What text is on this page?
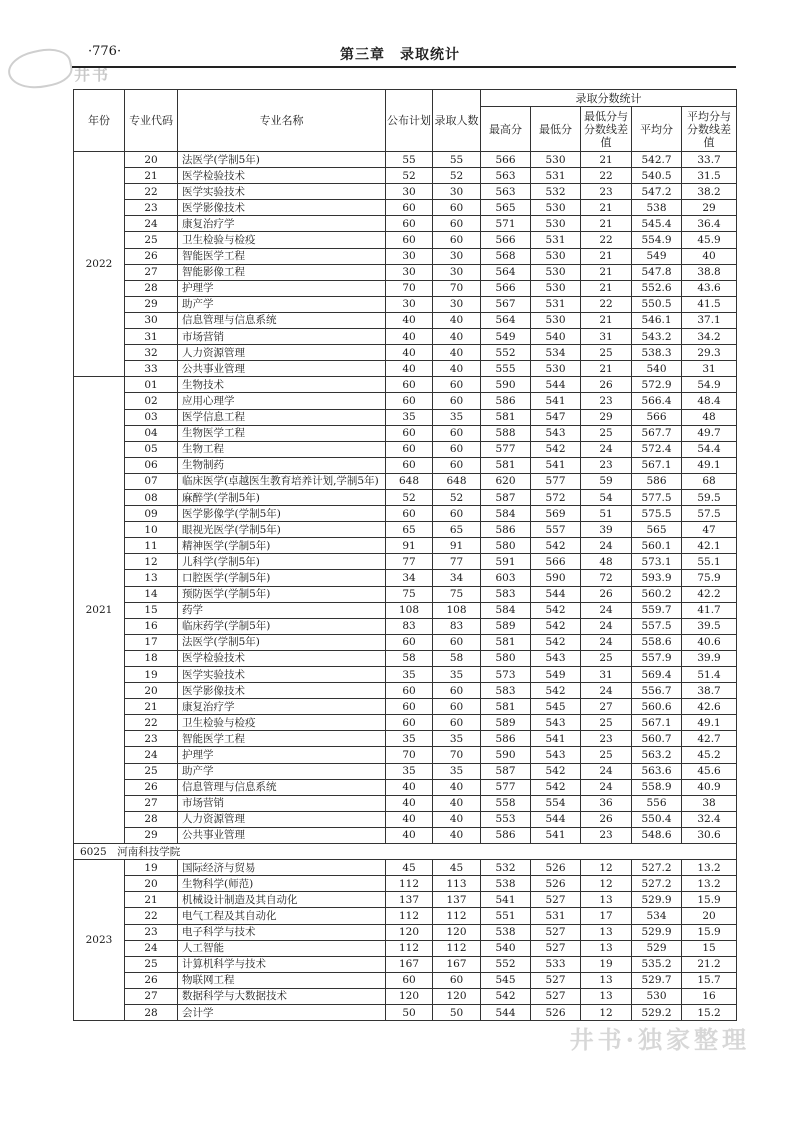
井书
·776·	第三章　录取统计
年份	专业代码	专业名称	公布计划	录取人数	录取分数统计				
					最高分	最低分	最低分与分数线差值	平均分	平均分与分数线差值
2022	20	法医学(学制5年)	55	55	566	530	21	542.7	33.7
	21	医学检验技术	52	52	563	531	22	540.5	31.5
	22	医学实验技术	30	30	563	532	23	547.2	38.2
	23	医学影像技术	60	60	565	530	21	538	29
	24	康复治疗学	60	60	571	530	21	545.4	36.4
	25	卫生检验与检疫	60	60	566	531	22	554.9	45.9
	26	智能医学工程	30	30	568	530	21	549	40
	27	智能影像工程	30	30	564	530	21	547.8	38.8
	28	护理学	70	70	566	530	21	552.6	43.6
	29	助产学	30	30	567	531	22	550.5	41.5
	30	信息管理与信息系统	40	40	564	530	21	546.1	37.1
	31	市场营销	40	40	549	540	31	543.2	34.2
	32	人力资源管理	40	40	552	534	25	538.3	29.3
	33	公共事业管理	40	40	555	530	21	540	31
2021	01	生物技术	60	60	590	544	26	572.9	54.9
	02	应用心理学	60	60	586	541	23	566.4	48.4
	03	医学信息工程	35	35	581	547	29	566	48
	04	生物医学工程	60	60	588	543	25	567.7	49.7
	05	生物工程	60	60	577	542	24	572.4	54.4
	06	生物制药	60	60	581	541	23	567.1	49.1
	07	临床医学(卓越医生教育培养计划,学制5年)	648	648	620	577	59	586	68
	08	麻醉学(学制5年)	52	52	587	572	54	577.5	59.5
	09	医学影像学(学制5年)	60	60	584	569	51	575.5	57.5
	10	眼视光医学(学制5年)	65	65	586	557	39	565	47
	11	精神医学(学制5年)	91	91	580	542	24	560.1	42.1
	12	儿科学(学制5年)	77	77	591	566	48	573.1	55.1
	13	口腔医学(学制5年)	34	34	603	590	72	593.9	75.9
	14	预防医学(学制5年)	75	75	583	544	26	560.2	42.2
	15	药学	108	108	584	542	24	559.7	41.7
	16	临床药学(学制5年)	83	83	589	542	24	557.5	39.5
	17	法医学(学制5年)	60	60	581	542	24	558.6	40.6
	18	医学检验技术	58	58	580	543	25	557.9	39.9
	19	医学实验技术	35	35	573	549	31	569.4	51.4
	20	医学影像技术	60	60	583	542	24	556.7	38.7
	21	康复治疗学	60	60	581	545	27	560.6	42.6
	22	卫生检验与检疫	60	60	589	543	25	567.1	49.1
	23	智能医学工程	35	35	586	541	23	560.7	42.7
	24	护理学	70	70	590	543	25	563.2	45.2
	25	助产学	35	35	587	542	24	563.6	45.6
	26	信息管理与信息系统	40	40	577	542	24	558.9	40.9
	27	市场营销	40	40	558	554	36	556	38
	28	人力资源管理	40	40	553	544	26	550.4	32.4
	29	公共事业管理	40	40	586	541	23	548.6	30.6
6025　河南科技学院									
2023	19	国际经济与贸易	45	45	532	526	12	527.2	13.2
	20	生物科学(师范)	112	113	538	526	12	527.2	13.2
	21	机械设计制造及其自动化	137	137	541	527	13	529.9	15.9
	22	电气工程及其自动化	112	112	551	531	17	534	20
	23	电子科学与技术	120	120	538	527	13	529.9	15.9
	24	人工智能	112	112	540	527	13	529	15
	25	计算机科学与技术	167	167	552	533	19	535.2	21.2
	26	物联网工程	60	60	545	527	13	529.7	15.7
	27	数据科学与大数据技术	120	120	542	527	13	530	16
	28	会计学	50	50	544	526	12	529.2	15.2
井书·独家整理
